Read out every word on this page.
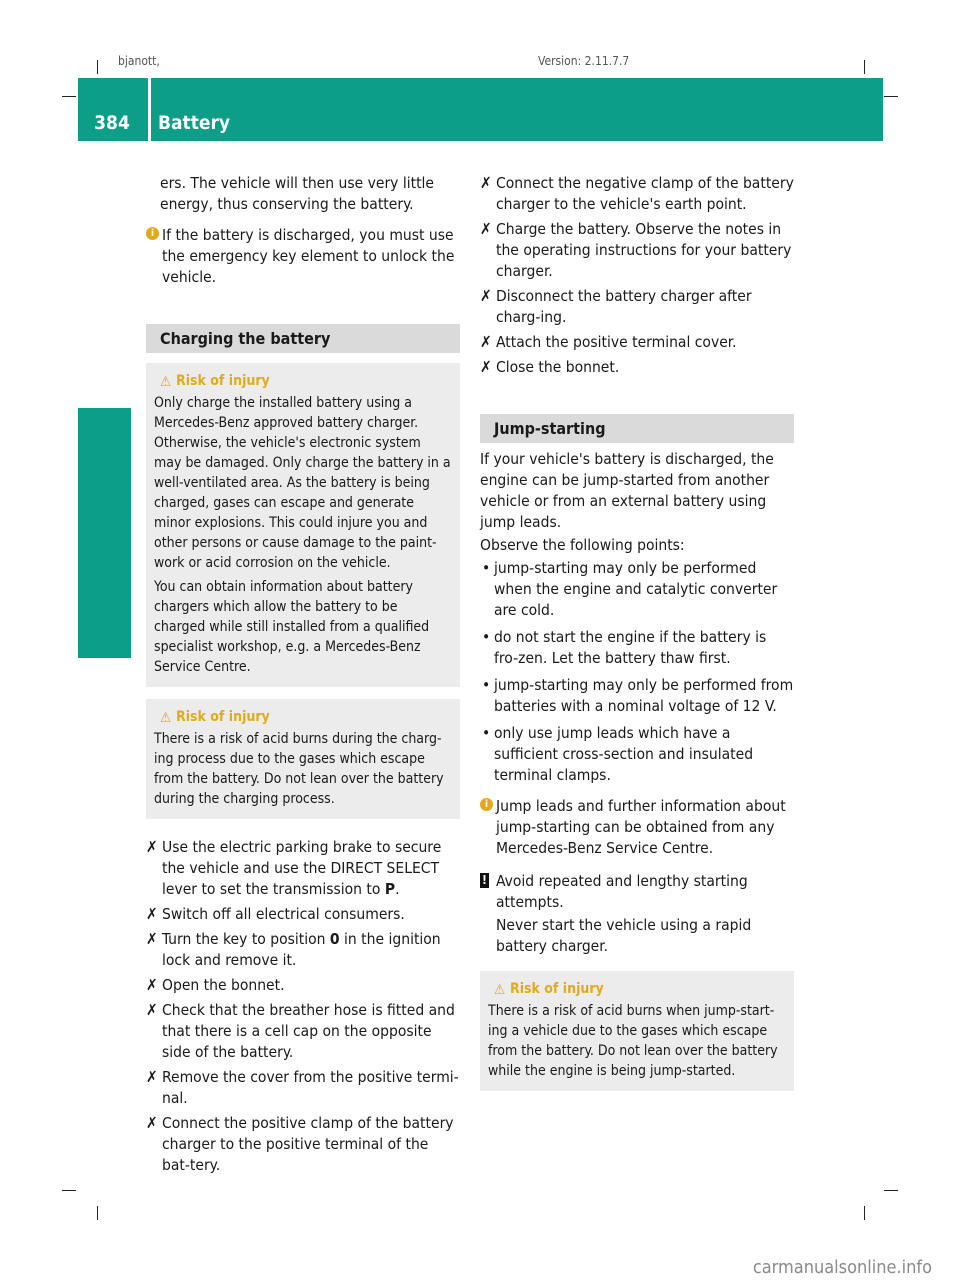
bjanott,	Version: 2.11.7.7
384	Battery
Practical advice

ers. The vehicle will then use very little

energy, thus conserving the battery.

i If the battery is discharged, you must use the emergency key element to unlock the vehicle.
Charging the battery
⚠ Risk of injury

Only charge the installed battery using a Mercedes-Benz approved battery charger. Otherwise, the vehicle's electronic system may be damaged. Only charge the battery in a well-ventilated area. As the battery is being charged, gases can escape and generate minor explosions. This could injure you and other persons or cause damage to the paint-work or acid corrosion on the vehicle.

You can obtain information about battery chargers which allow the battery to be charged while still installed from a qualified specialist workshop, e.g. a Mercedes-Benz Service Centre.

⚠ Risk of injury

There is a risk of acid burns during the charg-ing process due to the gases which escape from the battery. Do not lean over the battery during the charging process.

✗ Use the electric parking brake to secure the vehicle and use the DIRECT SELECT lever to set the transmission to P.
✗ Switch off all electrical consumers.
✗ Turn the key to position 0 in the ignition lock and remove it.
✗ Open the bonnet.
✗ Check that the breather hose is fitted and that there is a cell cap on the opposite side of the battery.
✗ Remove the cover from the positive termi-nal.
✗ Connect the positive clamp of the battery charger to the positive terminal of the bat-tery.
✗ Connect the negative clamp of the battery charger to the vehicle's earth point.
✗ Charge the battery. Observe the notes in the operating instructions for your battery charger.
✗ Disconnect the battery charger after charg-ing.
✗ Attach the positive terminal cover.
✗ Close the bonnet.
Jump-starting

If your vehicle's battery is discharged, the engine can be jump-started from another vehicle or from an external battery using jump leads.

Observe the following points:

• jump-starting may only be performed when the engine and catalytic converter are cold.
• do not start the engine if the battery is fro-zen. Let the battery thaw first.
• jump-starting may only be performed from batteries with a nominal voltage of 12 V.
• only use jump leads which have a sufficient cross-section and insulated terminal clamps.
i Jump leads and further information about jump-starting can be obtained from any Mercedes-Benz Service Centre.
! Avoid repeated and lengthy starting attempts.

Never start the vehicle using a rapid battery charger.

⚠ Risk of injury

There is a risk of acid burns when jump-start-ing a vehicle due to the gases which escape from the battery. Do not lean over the battery while the engine is being jump-started.

carmanualsonline.info
